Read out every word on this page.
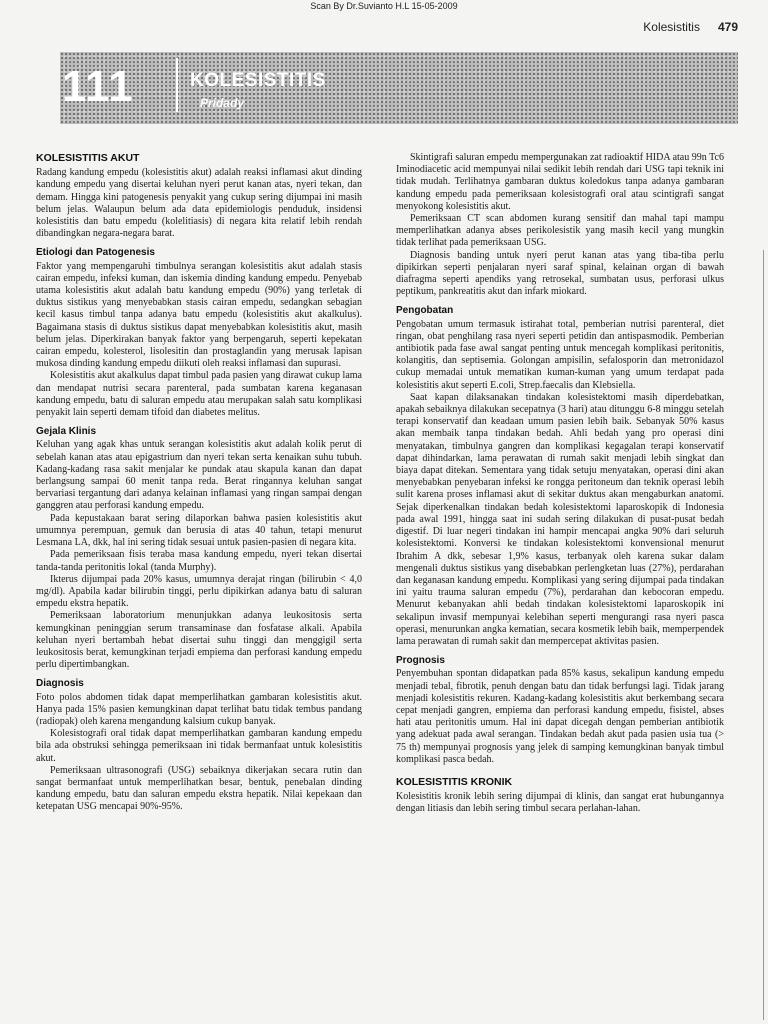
Scan By Dr.Suvianto H.L 15-05-2009
Kolesistitis 479
111	KOLESISTITIS
Pridady
KOLESISTITIS AKUT

Radang kandung empedu (kolesistitis akut) adalah reaksi inflamasi akut dinding kandung empedu yang disertai keluhan nyeri perut kanan atas, nyeri tekan, dan demam. Hingga kini patogenesis penyakit yang cukup sering dijumpai ini masih belum jelas. Walaupun belum ada data epidemiologis penduduk, insidensi kolesistitis dan batu empedu (kolelitiasis) di negara kita relatif lebih rendah dibandingkan negara-negara barat.

Etiologi dan Patogenesis

Faktor yang mempengaruhi timbulnya serangan kolesistitis akut adalah stasis cairan empedu, infeksi kuman, dan iskemia dinding kandung empedu. Penyebab utama kolesistitis akut adalah batu kandung empedu (90%) yang terletak di duktus sistikus yang menyebabkan stasis cairan empedu, sedangkan sebagian kecil kasus timbul tanpa adanya batu empedu (kolesistitis akut akalkulus). Bagaimana stasis di duktus sistikus dapat menyebabkan kolesistitis akut, masih belum jelas. Diperkirakan banyak faktor yang berpengaruh, seperti kepekatan cairan empedu, kolesterol, lisolesitin dan prostaglandin yang merusak lapisan mukosa dinding kandung empedu diikuti oleh reaksi inflamasi dan supurasi.

Kolesistitis akut akalkulus dapat timbul pada pasien yang dirawat cukup lama dan mendapat nutrisi secara parenteral, pada sumbatan karena keganasan kandung empedu, batu di saluran empedu atau merupakan salah satu komplikasi penyakit lain seperti demam tifoid dan diabetes melitus.

Gejala Klinis

Keluhan yang agak khas untuk serangan kolesistitis akut adalah kolik perut di sebelah kanan atas atau epigastrium dan nyeri tekan serta kenaikan suhu tubuh. Kadang-kadang rasa sakit menjalar ke pundak atau skapula kanan dan dapat berlangsung sampai 60 menit tanpa reda. Berat ringannya keluhan sangat bervariasi tergantung dari adanya kelainan inflamasi yang ringan sampai dengan ganggren atau perforasi kandung empedu.

Pada kepustakaan barat sering dilaporkan bahwa pasien kolesistitis akut umumnya perempuan, gemuk dan berusia di atas 40 tahun, tetapi menurut Lesmana LA, dkk, hal ini sering tidak sesuai untuk pasien-pasien di negara kita.

Pada pemeriksaan fisis teraba masa kandung empedu, nyeri tekan disertai tanda-tanda peritonitis lokal (tanda Murphy).

Ikterus dijumpai pada 20% kasus, umumnya derajat ringan (bilirubin < 4,0 mg/dl). Apabila kadar bilirubin tinggi, perlu dipikirkan adanya batu di saluran empedu ekstra hepatik.

Pemeriksaan laboratorium menunjukkan adanya leukositosis serta kemungkinan peninggian serum transaminase dan fosfatase alkali. Apabila keluhan nyeri bertambah hebat disertai suhu tinggi dan menggigil serta leukositosis berat, kemungkinan terjadi empiema dan perforasi kandung empedu perlu dipertimbangkan.

Diagnosis

Foto polos abdomen tidak dapat memperlihatkan gambaran kolesistitis akut. Hanya pada 15% pasien kemungkinan dapat terlihat batu tidak tembus pandang (radiopak) oleh karena mengandung kalsium cukup banyak.

Kolesistografi oral tidak dapat memperlihatkan gambaran kandung empedu bila ada obstruksi sehingga pemeriksaan ini tidak bermanfaat untuk kolesistitis akut.

Pemeriksaan ultrasonografi (USG) sebaiknya dikerjakan secara rutin dan sangat bermanfaat untuk memperlihatkan besar, bentuk, penebalan dinding kandung empedu, batu dan saluran empedu ekstra hepatik. Nilai kepekaan dan ketepatan USG mencapai 90%-95%.

Skintigrafi saluran empedu mempergunakan zat radioaktif HIDA atau 99n Tc6 Iminodiacetic acid mempunyai nilai sedikit lebih rendah dari USG tapi teknik ini tidak mudah. Terlihatnya gambaran duktus koledokus tanpa adanya gambaran kandung empedu pada pemeriksaan kolesistografi oral atau scintigrafi sangat menyokong kolesistitis akut.

Pemeriksaan CT scan abdomen kurang sensitif dan mahal tapi mampu memperlihatkan adanya abses perikolesistik yang masih kecil yang mungkin tidak terlihat pada pemeriksaan USG.

Diagnosis banding untuk nyeri perut kanan atas yang tiba-tiba perlu dipikirkan seperti penjalaran nyeri saraf spinal, kelainan organ di bawah diafragma seperti apendiks yang retrosekal, sumbatan usus, perforasi ulkus peptikum, pankreatitis akut dan infark miokard.

Pengobatan

Pengobatan umum termasuk istirahat total, pemberian nutrisi parenteral, diet ringan, obat penghilang rasa nyeri seperti petidin dan antispasmodik. Pemberian antibiotik pada fase awal sangat penting untuk mencegah komplikasi peritonitis, kolangitis, dan septisemia. Golongan ampisilin, sefalosporin dan metronidazol cukup memadai untuk mematikan kuman-kuman yang umum terdapat pada kolesistitis akut seperti E.coli, Strep.faecalis dan Klebsiella.

Saat kapan dilaksanakan tindakan kolesistektomi masih diperdebatkan, apakah sebaiknya dilakukan secepatnya (3 hari) atau ditunggu 6-8 minggu setelah terapi konservatif dan keadaan umum pasien lebih baik. Sebanyak 50% kasus akan membaik tanpa tindakan bedah. Ahli bedah yang pro operasi dini menyatakan, timbulnya gangren dan komplikasi kegagalan terapi konservatif dapat dihindarkan, lama perawatan di rumah sakit menjadi lebih singkat dan biaya dapat ditekan. Sementara yang tidak setuju menyatakan, operasi dini akan menyebabkan penyebaran infeksi ke rongga peritoneum dan teknik operasi lebih sulit karena proses inflamasi akut di sekitar duktus akan mengaburkan anatomi. Sejak diperkenalkan tindakan bedah kolesistektomi laparoskopik di Indonesia pada awal 1991, hingga saat ini sudah sering dilakukan di pusat-pusat bedah digestif. Di luar negeri tindakan ini hampir mencapai angka 90% dari seluruh kolesistektomi. Konversi ke tindakan kolesistektomi konvensional menurut Ibrahim A dkk, sebesar 1,9% kasus, terbanyak oleh karena sukar dalam mengenali duktus sistikus yang disebabkan perlengketan luas (27%), perdarahan dan keganasan kandung empedu. Komplikasi yang sering dijumpai pada tindakan ini yaitu trauma saluran empedu (7%), perdarahan dan kebocoran empedu. Menurut kebanyakan ahli bedah tindakan kolesistektomi laparoskopik ini sekalipun invasif mempunyai kelebihan seperti mengurangi rasa nyeri pasca operasi, menurunkan angka kematian, secara kosmetik lebih baik, memperpendek lama perawatan di rumah sakit dan mempercepat aktivitas pasien.

Prognosis

Penyembuhan spontan didapatkan pada 85% kasus, sekalipun kandung empedu menjadi tebal, fibrotik, penuh dengan batu dan tidak berfungsi lagi. Tidak jarang menjadi kolesistitis rekuren. Kadang-kadang kolesistitis akut berkembang secara cepat menjadi gangren, empiema dan perforasi kandung empedu, fisistel, abses hati atau peritonitis umum. Hal ini dapat dicegah dengan pemberian antibiotik yang adekuat pada awal serangan. Tindakan bedah akut pada pasien usia tua (> 75 th) mempunyai prognosis yang jelek di samping kemungkinan banyak timbul komplikasi pasca bedah.

KOLESISTITIS KRONIK

Kolesistitis kronik lebih sering dijumpai di klinis, dan sangat erat hubungannya dengan litiasis dan lebih sering timbul secara perlahan-lahan.
